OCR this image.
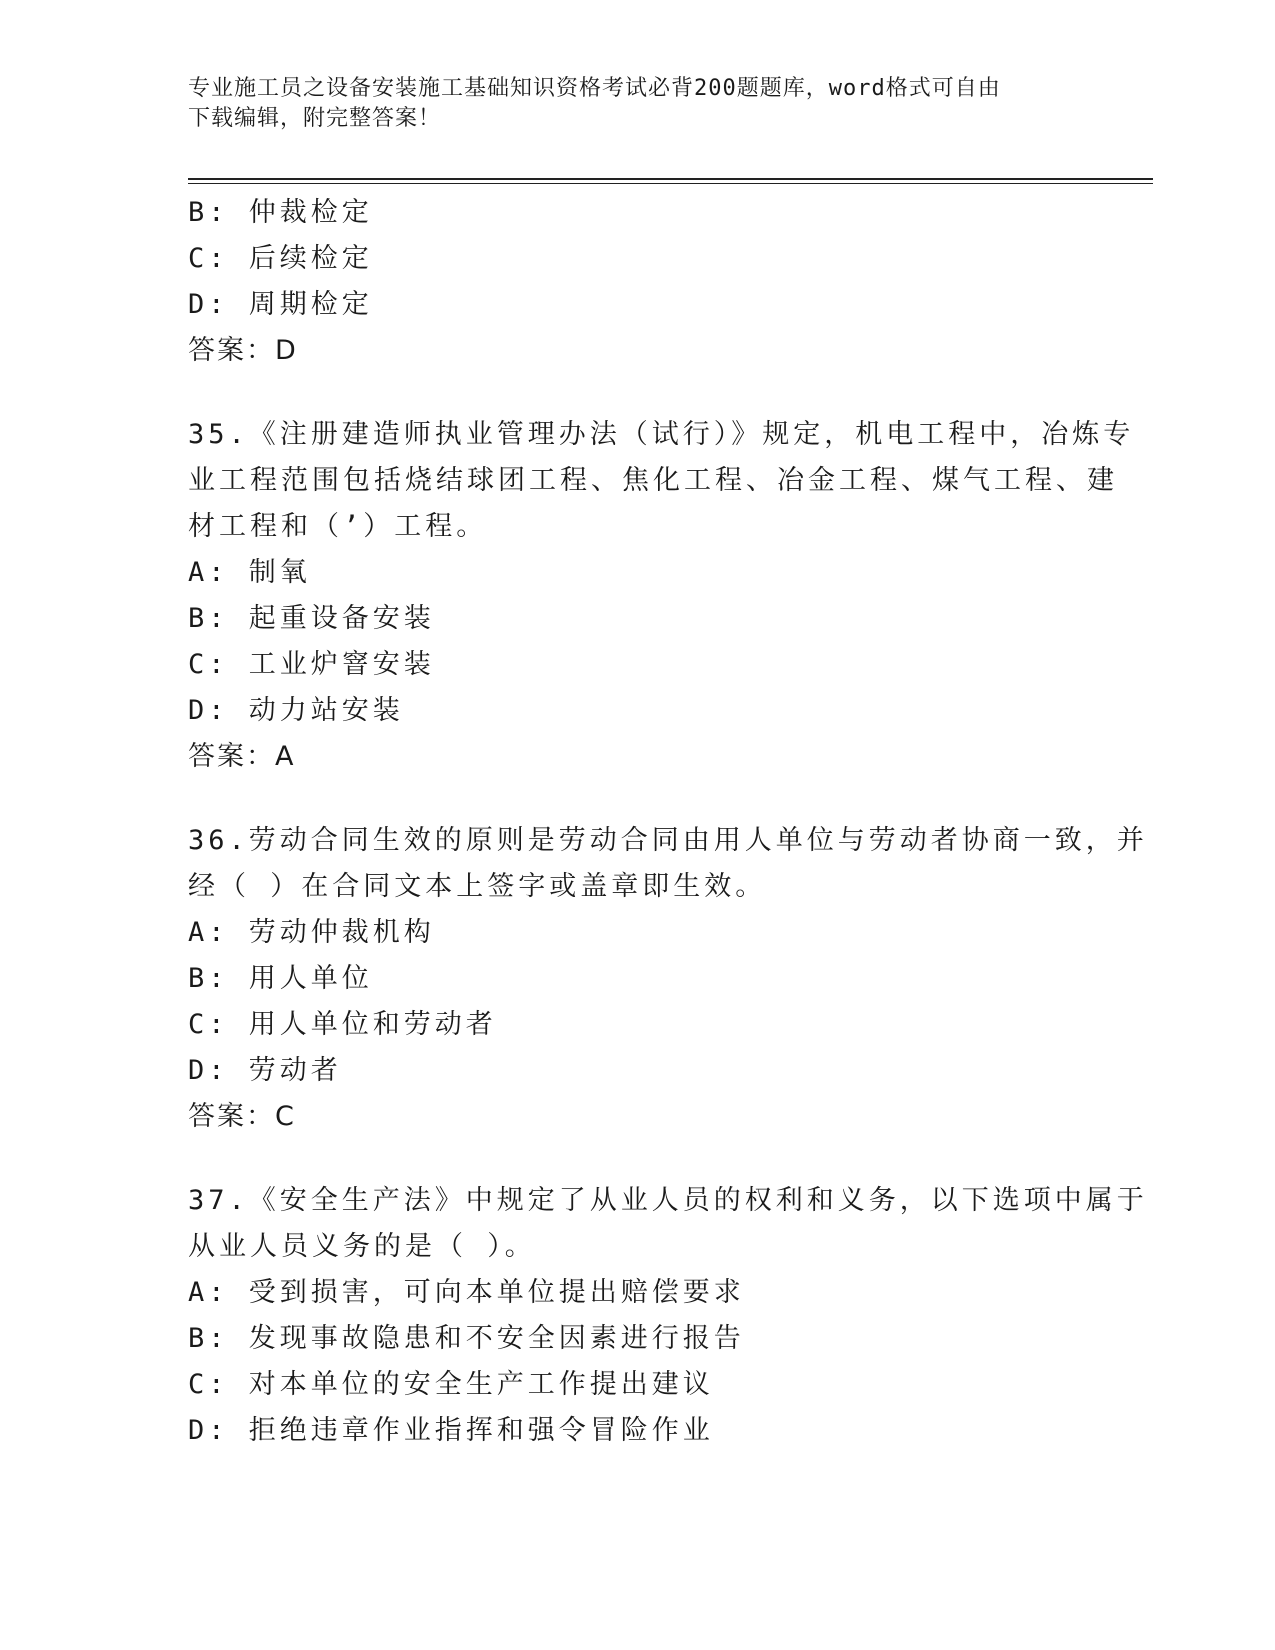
专业施工员之设备安装施工基础知识资格考试必背200题题库，word格式可自由
下载编辑，附完整答案！
B: 仲裁检定
C: 后续检定
D: 周期检定
答案：D
35.《注册建造师执业管理办法（试行）》规定，机电工程中，冶炼专
业工程范围包括烧结球团工程、焦化工程、冶金工程、煤气工程、建
材工程和（’）工程。
A: 制氧
B: 起重设备安装
C: 工业炉窨安装
D: 动力站安装
答案：A
36.劳动合同生效的原则是劳动合同由用人单位与劳动者协商一致，并
经（ ）在合同文本上签字或盖章即生效。
A: 劳动仲裁机构
B: 用人单位
C: 用人单位和劳动者
D: 劳动者
答案：C
37.《安全生产法》中规定了从业人员的权利和义务，以下选项中属于
从业人员义务的是（ ）。
A: 受到损害，可向本单位提出赔偿要求
B: 发现事故隐患和不安全因素进行报告
C: 对本单位的安全生产工作提出建议
D: 拒绝违章作业指挥和强令冒险作业
